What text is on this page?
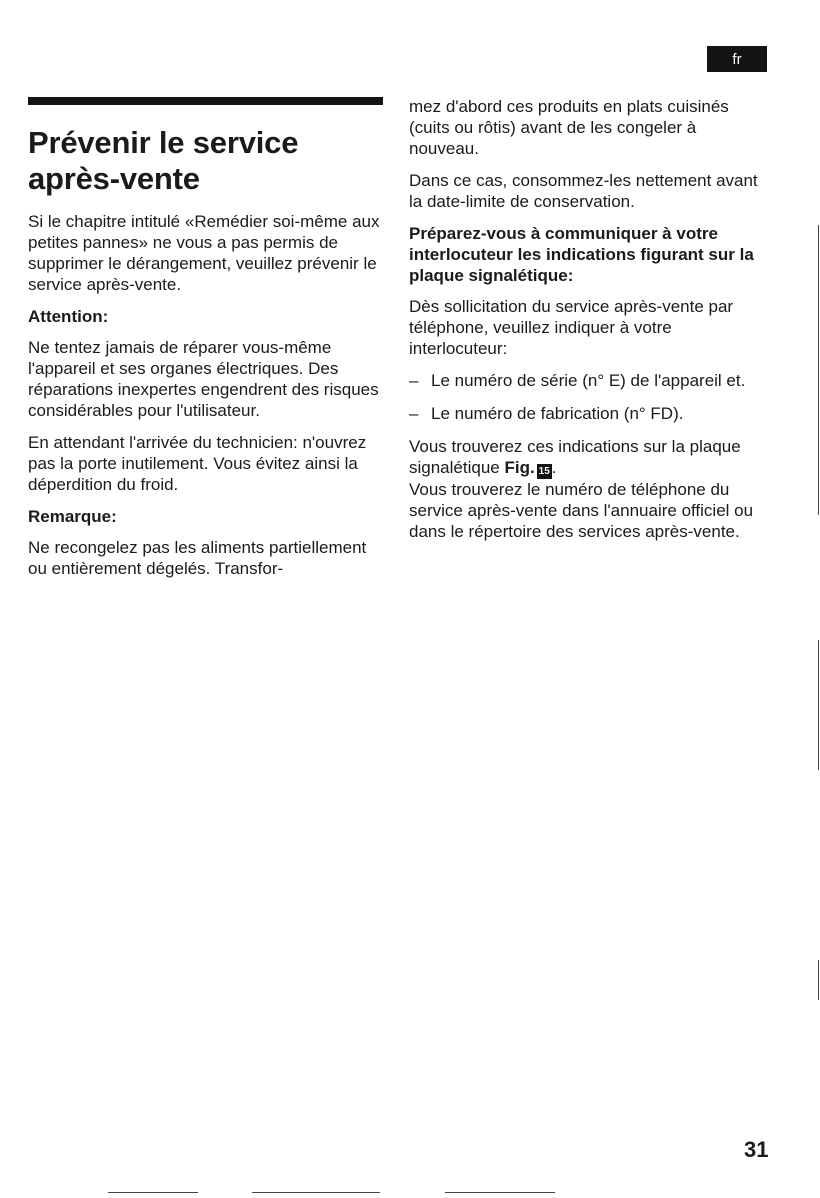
fr
Prévenir le service après-vente

Si le chapitre intitulé «Remédier soi-même aux petites pannes» ne vous a pas permis de supprimer le dérangement, veuillez prévenir le service après-vente.

Attention:

Ne tentez jamais de réparer vous-même l'appareil et ses organes électriques. Des réparations inexpertes engendrent des risques considérables pour l'utilisateur.

En attendant l'arrivée du technicien: n'ouvrez pas la porte inutilement. Vous évitez ainsi la déperdition du froid.

Remarque:

Ne recongelez pas les aliments partiellement ou entièrement dégelés. Transfor-

mez d'abord ces produits en plats cuisinés (cuits ou rôtis) avant de les congeler à nouveau.

Dans ce cas, consommez-les nettement avant la date-limite de conservation.

Préparez-vous à communiquer à votre interlocuteur les indications figurant sur la plaque signalétique:

Dès sollicitation du service après-vente par téléphone, veuillez indiquer à votre interlocuteur:

– Le numéro de série (n° E) de l'appareil et.
– Le numéro de fabrication (n° FD).

Vous trouverez ces indications sur la plaque signalétique Fig. 15 .

Vous trouverez le numéro de téléphone du service après-vente dans l'annuaire officiel ou dans le répertoire des services après-vente.

31
